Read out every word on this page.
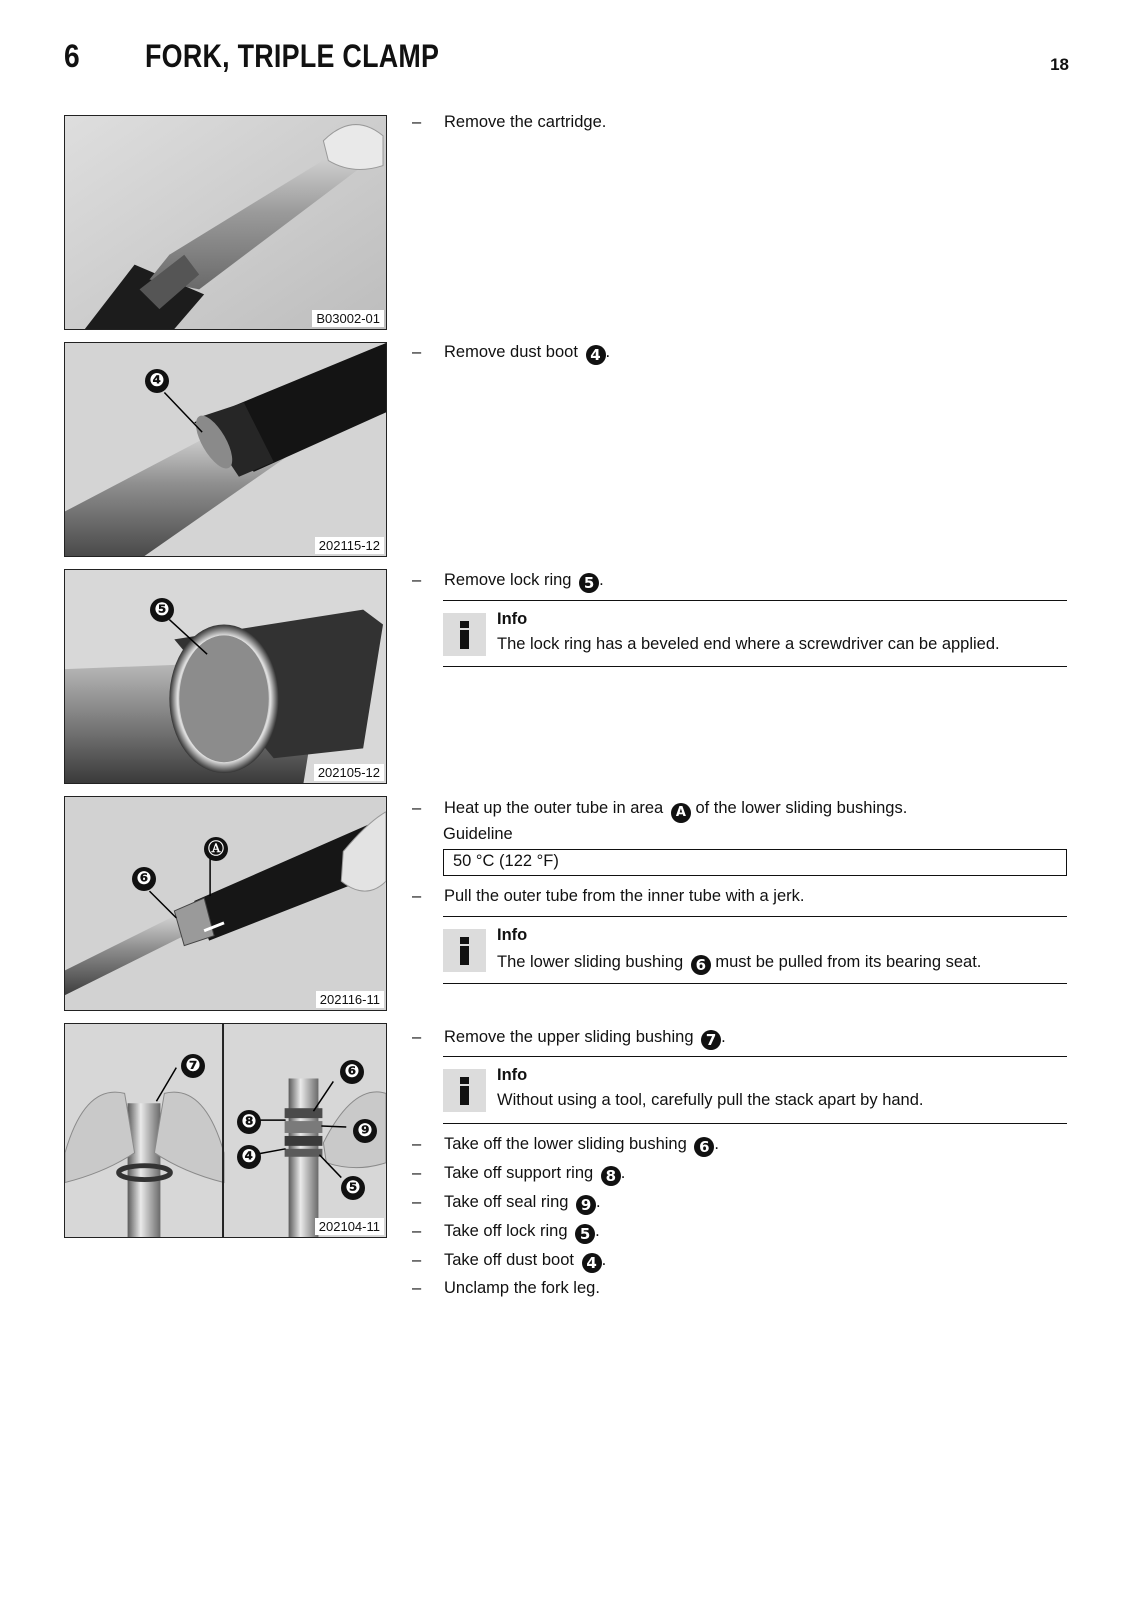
6 FORK, TRIPLE CLAMP	18
B03002-01
❹
202115-12
❺
202105-12
Ⓐ
❻
202116-11
❼	❻
❽	❾
❹
❺
202104-11
– Remove the cartridge.
– Remove dust boot 4 .
– Remove lock ring 5 .
Info
The lock ring has a beveled end where a screwdriver can be applied.
– Heat up the outer tube in area A of the lower sliding bushings.
Guideline
50 °C (122 °F)
– Pull the outer tube from the inner tube with a jerk.
Info
The lower sliding bushing 6 must be pulled from its bearing seat.
– Remove the upper sliding bushing 7 .
Info
Without using a tool, carefully pull the stack apart by hand.
– Take off the lower sliding bushing 6 .
– Take off support ring 8 .
– Take off seal ring 9 .
– Take off lock ring 5 .
– Take off dust boot 4 .
– Unclamp the fork leg.
